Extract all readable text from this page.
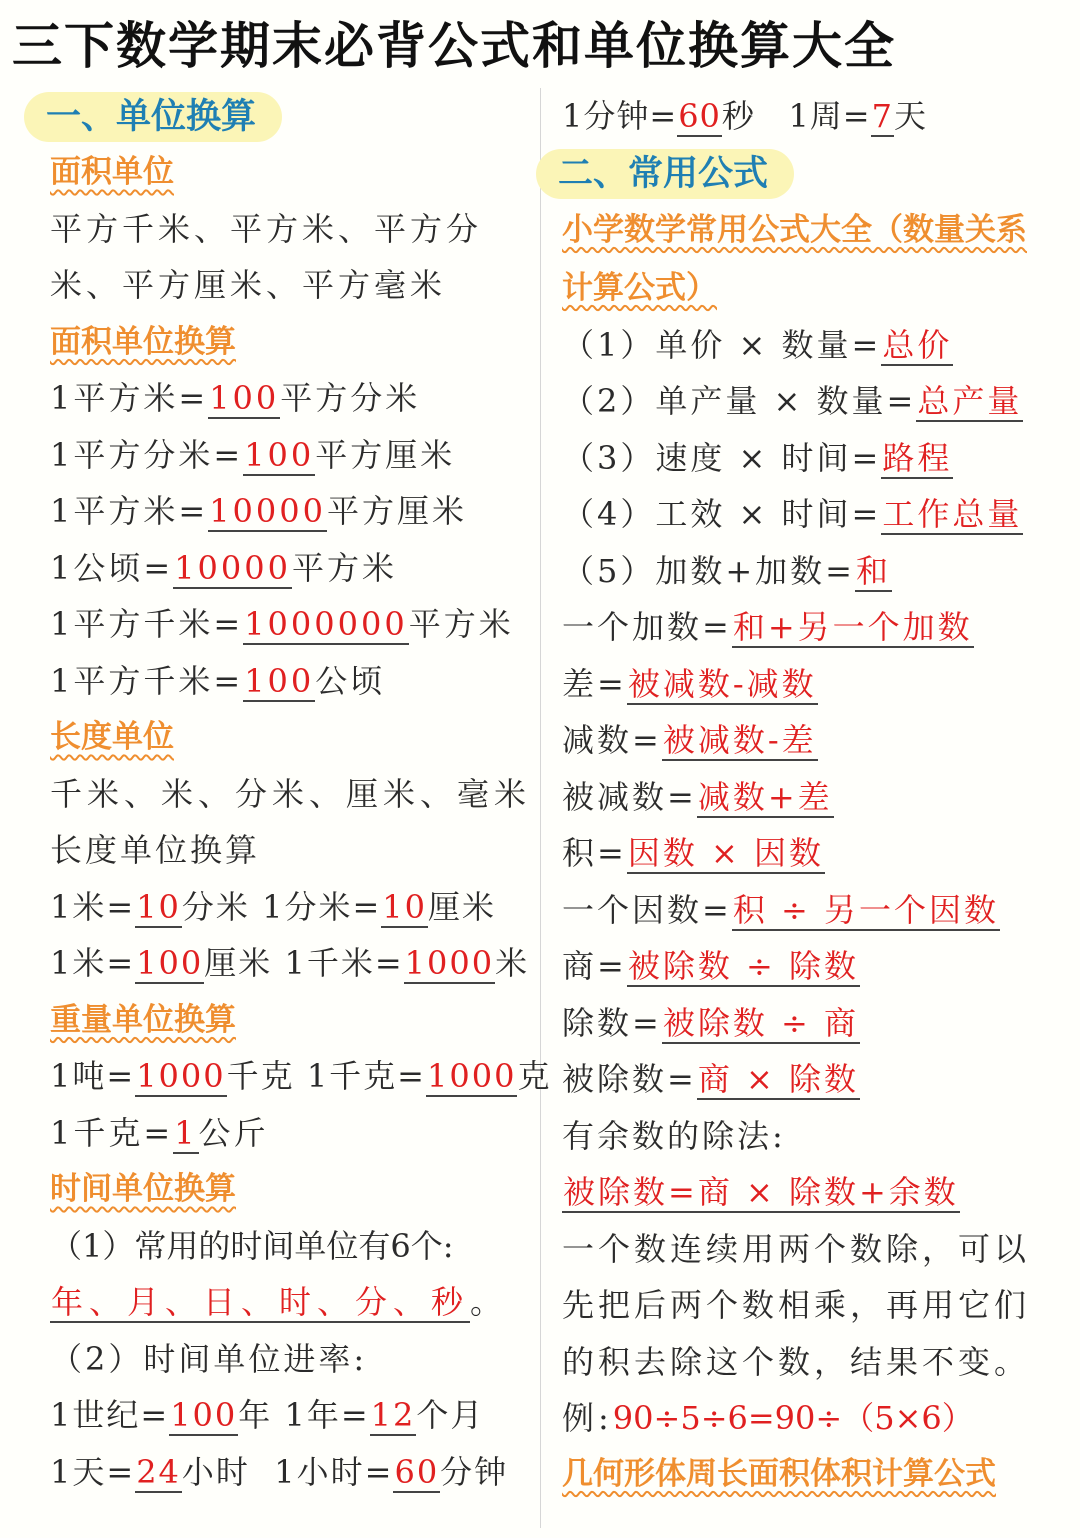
三下数学期末必背公式和单位换算大全
一、单位换算
面积单位
平方千米、平方米、平方分米、平方厘米、平方毫米
面积单位换算
1平方米=100平方分米
1平方分米=100平方厘米
1平方米=10000平方厘米
1公顷=10000平方米
1平方千米=1000000平方米
1平方千米=100公顷
长度单位
千米、米、分米、厘米、毫米
长度单位换算
1米=10分米 1分米=10厘米
1米=100厘米 1千米=1000米
重量单位换算
1吨=1000千克 1千克=1000克
1千克=1公斤
时间单位换算
（1）常用的时间单位有6个:
年、月、日、时、分、秒。
（2）时间单位进率:
1世纪=100年 1年=12个月
1天=24小时  1小时=60分钟
1分钟=60秒   1周=7天
二、常用公式
小学数学常用公式大全（数量关系计算公式）
（1）单价 × 数量=总价
（2）单产量 × 数量=总产量
（3）速度 × 时间=路程
（4）工效 × 时间=工作总量
（5）加数+加数=和
一个加数=和+另一个加数
差=被减数-减数
减数=被减数-差
被减数=减数+差
积=因数 × 因数
一个因数=积 ÷ 另一个因数
商=被除数 ÷ 除数
除数=被除数 ÷ 商
被除数=商 × 除数
有余数的除法:
被除数=商 × 除数+余数
一个数连续用两个数除，可以先把后两个数相乘，再用它们的积去除这个数，结果不变。例:90÷5÷6=90÷（5×6）
几何形体周长面积体积计算公式
